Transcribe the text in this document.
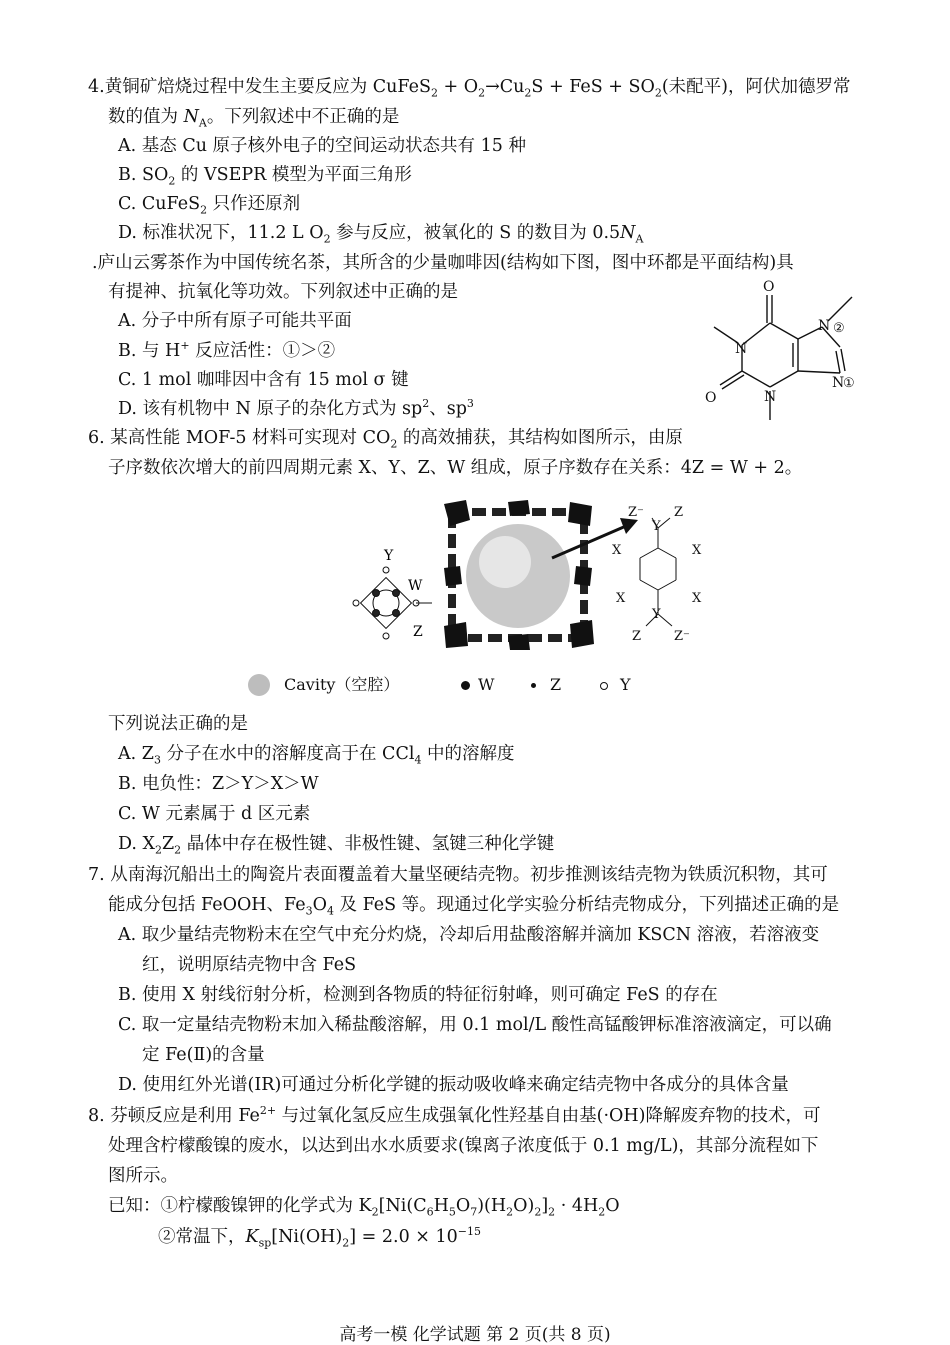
4.黄铜矿焙烧过程中发生主要反应为 CuFeS$_2$ + $O_2\to Cu_2S$ + FeS + $SO_2$(未配平)，阿伏加德罗常
数的值为 $N_A$。下列叙述中不正确的是
A. 基态 Cu 原子核外电子的空间运动状态共有 15 种
B. $SO_2$ 的 VSEPR 模型为平面三角形
C. CuFeS$_2$ 只作还原剂
D. 标准状况下，11.2 L $O_2$ 参与反应，被氧化的 S 的数目为 $0.5N_A$
.庐山云雾茶作为中国传统名茶，其所含的少量咖啡因(结构如下图，图中环都是平面结构)具
有提神、抗氧化等功效。下列叙述中正确的是
A. 分子中所有原子可能共平面
B. 与 H+ 反应活性：①＞②
C. 1 mol 咖啡因中含有 15 mol σ 键
D. 该有机物中 N 原子的杂化方式为 $sp^2$、$sp^3$
O
O
N
N
N
N
②
①
6. 某高性能 MOF-5 材料可实现对 $CO_2$ 的高效捕获，其结构如图所示，由原
子序数依次增大的前四周期元素 X、Y、Z、W 组成，原子序数存在关系：4Z = W + 2。
Y
W
Z
Z⁻ Z
Y
X	X
X	X
Y
Z	Z⁻
Cavity（空腔）	W	Z	Y
下列说法正确的是
A. $Z_3$ 分子在水中的溶解度高于在 CCl$_4$ 中的溶解度
B. 电负性：Z＞Y＞X＞W
C. W 元素属于 d 区元素
D. $X_2Z_2$ 晶体中存在极性键、非极性键、氢键三种化学键
7. 从南海沉船出土的陶瓷片表面覆盖着大量坚硬结壳物。初步推测该结壳物为铁质沉积物，其可
能成分包括 FeOOH、$Fe_3O_4$ 及 FeS 等。现通过化学实验分析结壳物成分，下列描述正确的是
A. 取少量结壳物粉末在空气中充分灼烧，冷却后用盐酸溶解并滴加 KSCN 溶液，若溶液变
红，说明原结壳物中含 FeS
B. 使用 X 射线衍射分析，检测到各物质的特征衍射峰，则可确定 FeS 的存在
C. 取一定量结壳物粉末加入稀盐酸溶解，用 0.1 mol/L 酸性高锰酸钾标准溶液滴定，可以确
定 Fe(Ⅱ)的含量
D. 使用红外光谱(IR)可通过分析化学键的振动吸收峰来确定结壳物中各成分的具体含量
8. 芬顿反应是利用 $Fe^{2+}$ 与过氧化氢反应生成强氧化性羟基自由基(·OH)降解废弃物的技术，可
处理含柠檬酸镍的废水，以达到出水水质要求(镍离子浓度低于 0.1 mg/L)，其部分流程如下
图所示。
已知：①柠檬酸镍钾的化学式为 $K_2[Ni(C_6H_5O_7)(H_2O)_2]_2 \cdot 4H_2O$
②常温下，$K_{sp}[Ni(OH)_2] = 2.0 \times 10^{-15}$
高考一模 化学试题 第 2 页(共 8 页)
